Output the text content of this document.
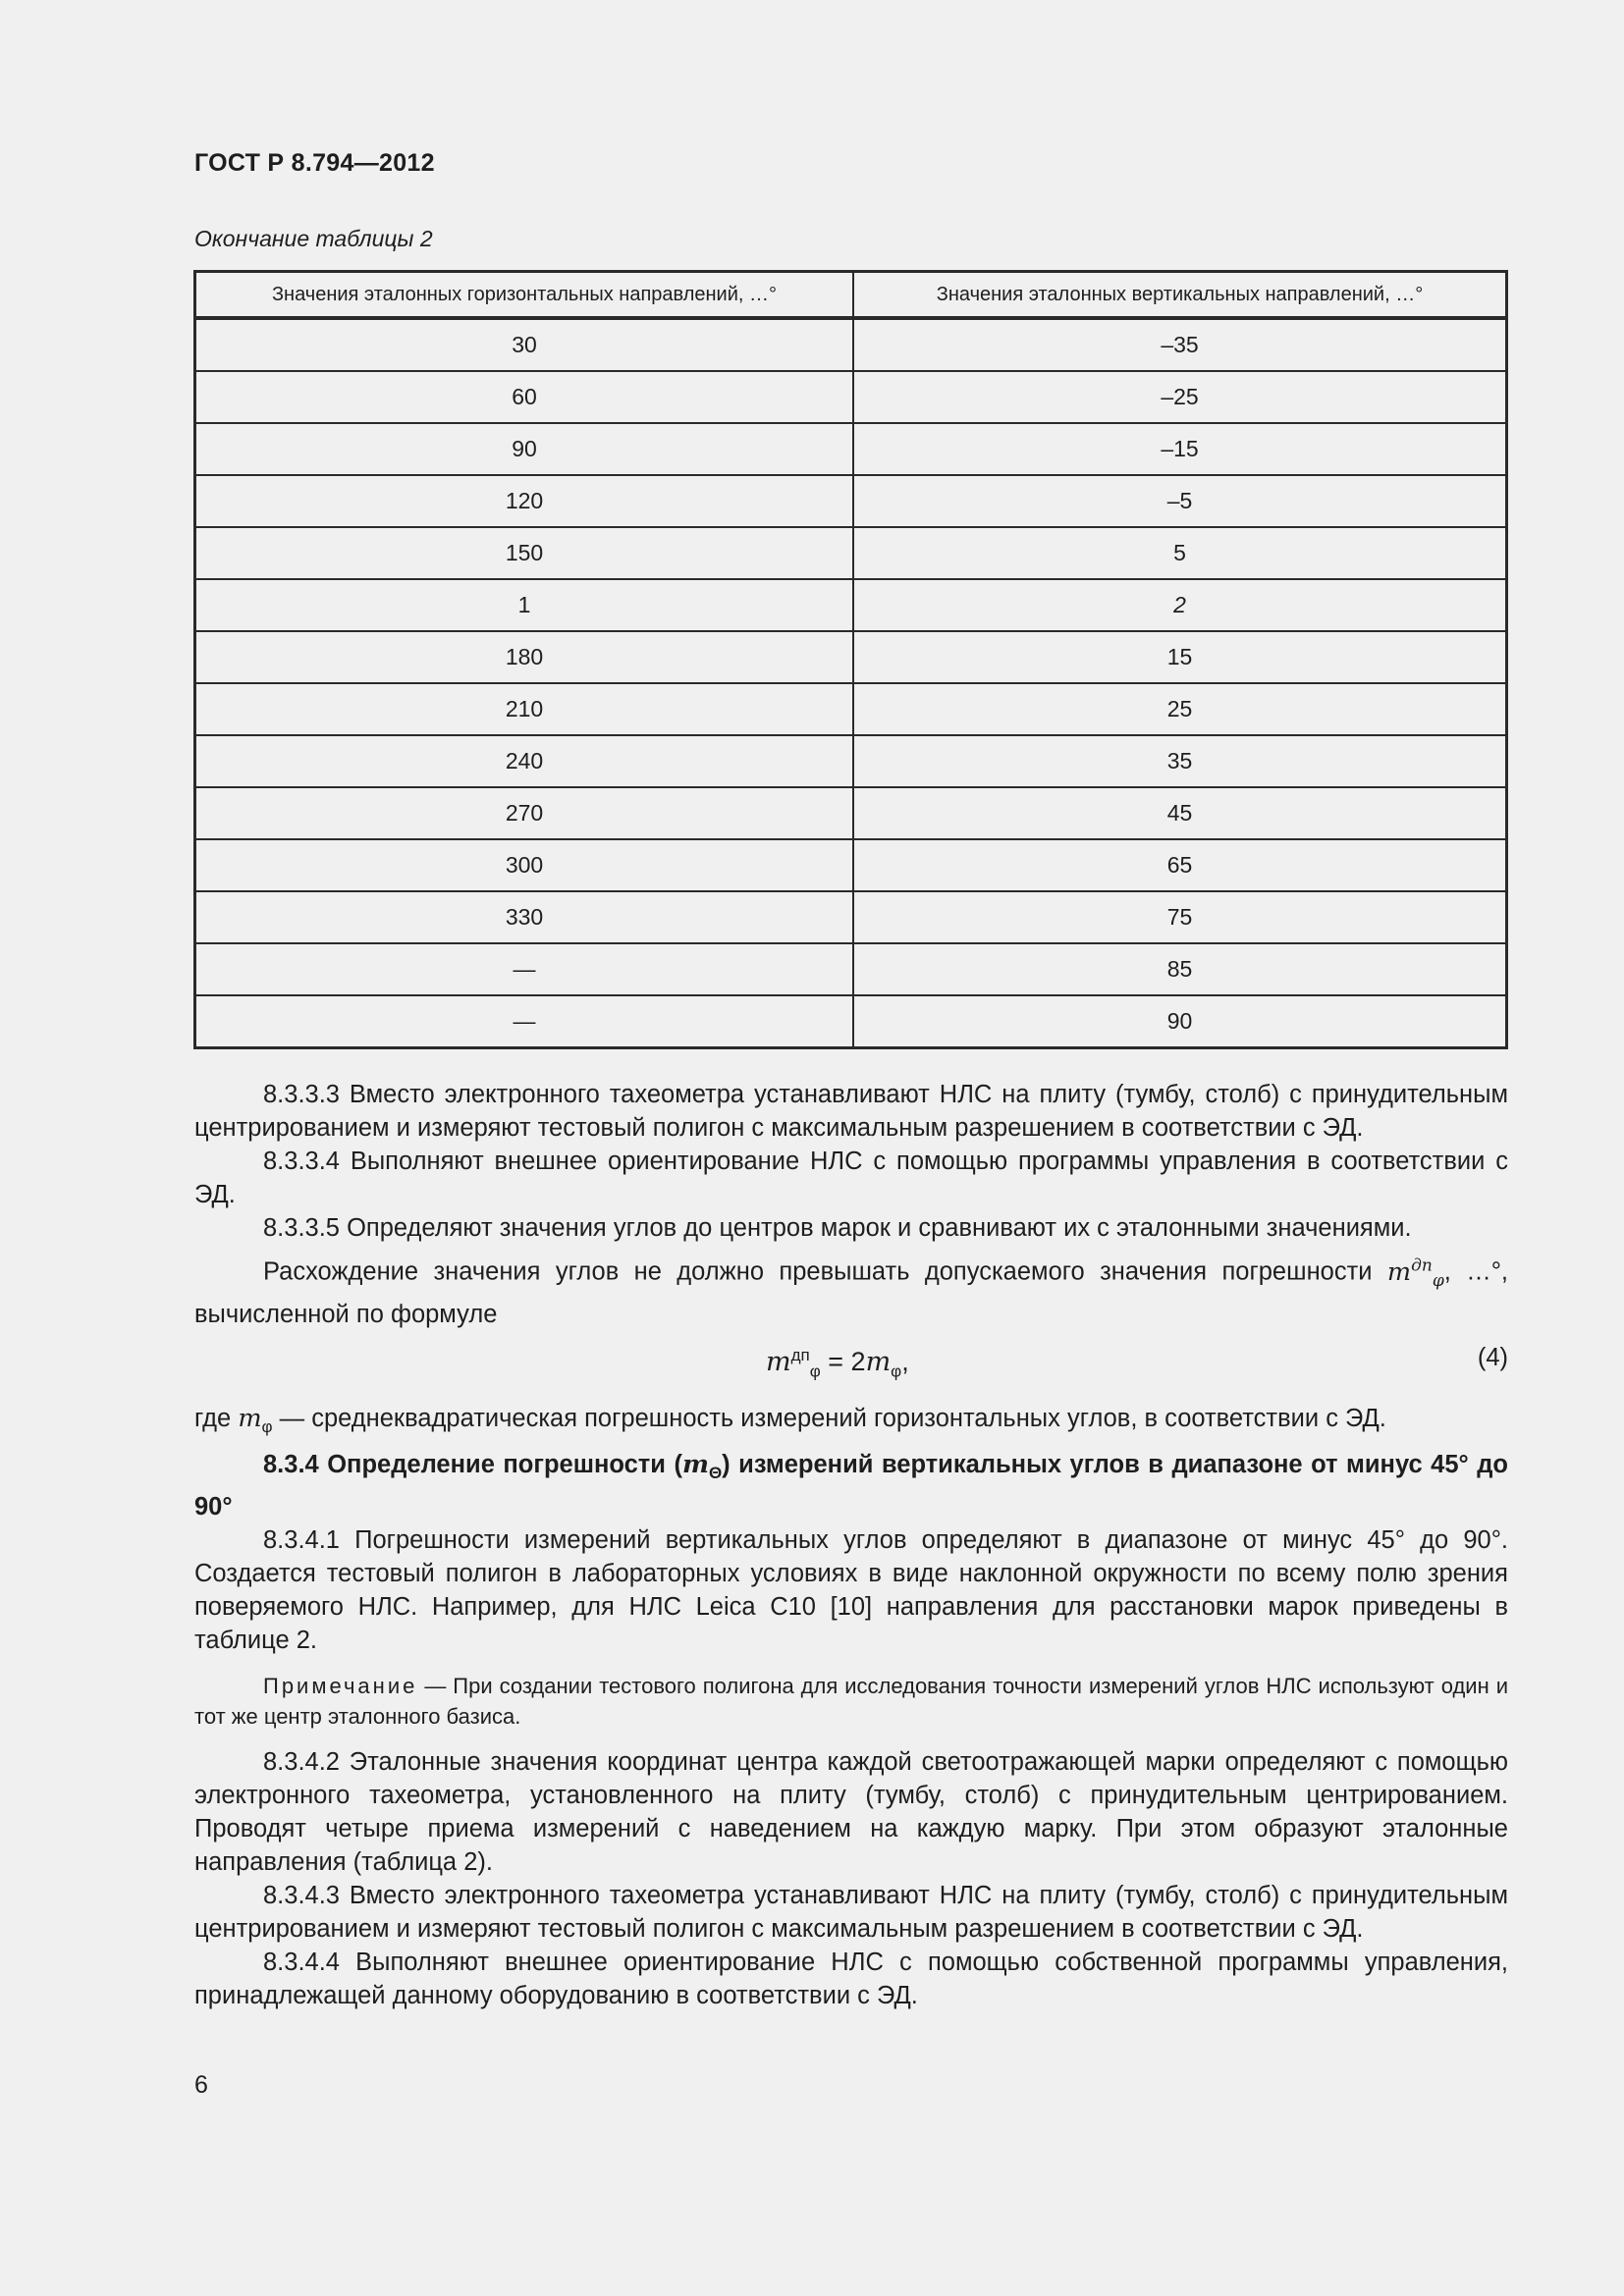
ГОСТ Р 8.794—2012
Окончание таблицы 2
Значения эталонных горизонтальных направлений, …°	Значения эталонных вертикальных направлений, …°
30	–35
60	–25
90	–15
120	–5
150	5
1	2
180	15
210	25
240	35
270	45
300	65
330	75
—	85
—	90

8.3.3.3 Вместо электронного тахеометра устанавливают НЛС на плиту (тумбу, столб) с принудительным центрированием и измеряют тестовый полигон с максимальным разрешением в соответствии с ЭД.

8.3.3.4 Выполняют внешнее ориентирование НЛС с помощью программы управления в соответствии с ЭД.

8.3.3.5 Определяют значения углов до центров марок и сравнивают их с эталонными значениями.

Расхождение значения углов не должно превышать допускаемого значения погрешности $m^{дп}_\varphi$, …°, вычисленной по формуле

$m^{дп}_\varphi = 2m_\varphi$,	(4)

где $m_\varphi$ — среднеквадратическая погрешность измерений горизонтальных углов, в соответствии с ЭД.

8.3.4 Определение погрешности $(m_\Theta)$ измерений вертикальных углов в диапазоне от минус 45° до 90°

8.3.4.1 Погрешности измерений вертикальных углов определяют в диапазоне от минус 45° до 90°. Создается тестовый полигон в лабораторных условиях в виде наклонной окружности по всему полю зрения поверяемого НЛС. Например, для НЛС Leica C10 [10] направления для расстановки марок приведены в таблице 2.

Примечание — При создании тестового полигона для исследования точности измерений углов НЛС используют один и тот же центр эталонного базиса.

8.3.4.2 Эталонные значения координат центра каждой светоотражающей марки определяют с помощью электронного тахеометра, установленного на плиту (тумбу, столб) с принудительным центрированием. Проводят четыре приема измерений с наведением на каждую марку. При этом образуют эталонные направления (таблица 2).

8.3.4.3 Вместо электронного тахеометра устанавливают НЛС на плиту (тумбу, столб) с принудительным центрированием и измеряют тестовый полигон с максимальным разрешением в соответствии с ЭД.

8.3.4.4 Выполняют внешнее ориентирование НЛС с помощью собственной программы управления, принадлежащей данному оборудованию в соответствии с ЭД.

6
